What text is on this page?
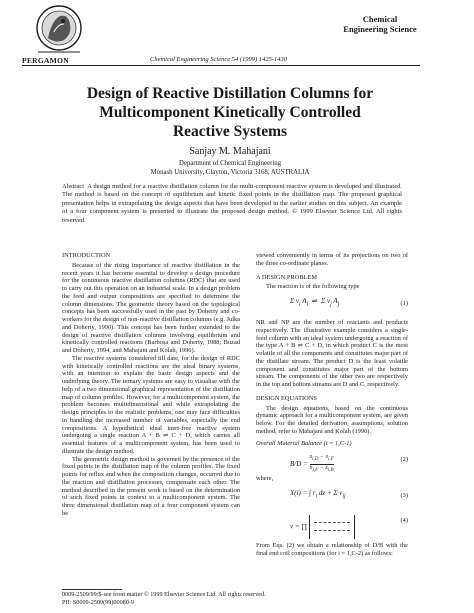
PERGAMON
Chemical
Engineering Science
Chemical Engineering Science 54 (1999) 1425-1430
Design of Reactive Distillation Columns for
Multicomponent Kinetically Controlled
Reactive Systems
Sanjay M. Mahajani
Department of Chemical Engineering
Monash University, Clayton, Victoria 3168, AUSTRALIA
Abstract A design method for a reactive distillation column for the multi-component reactive system is developed and illustrated. The method is based on the concept of equilibrium and kinetic fixed points in the distillation map. The proposed graphical presentation helps in extrapolating the design aspects that have been developed in the earlier studies on this subject. An example of a four component system is presented to illustrate the proposed design method. © 1999 Elsevier Science Ltd. All rights reserved.
INTRODUCTION

Because of the rising importance of reactive distillation in the recent years it has become essential to develop a design procedure for the continuous reactive distillation columns (RDC) that are used to carry out this operation on an industrial scale. In a design problem the feed and output compositions are specified to determine the column dimensions. The geometric theory based on the topological concepts has been successfully used in the past by Doherty and co-workers for the design of non-reactive distillation columns (e.g. Julka and Doherty, 1990). This concept has been further extended to the design of reactive distillation columns involving equilibrium and kinetically controlled reactions (Barbosa and Doherty, 1988; Buzad and Doherty, 1994, and Mahajani and Kolah, 1996).

The reactive systems considered till date, for the design of RDC with kinetically controlled reactions are the ideal binary systems, with an intention to explain the basic design aspects and the underlying theory. The ternary systems are easy to visualise with the help of a two dimensional graphical representation of the distillation map of column profiles. However, for a multicomponent system, the problem becomes multidimensional and while extrapolating the design principles to the realistic problems, one may face difficulties in handling the increased number of variables, especially the end compositions. A hypothetical ideal inert-free reactive system undergoing a single reaction A + B ⇌ C + D, which carries all essential features of a multicomponent system, has been used to illustrate the design method.

The geometric design method is governed by the presence of the fixed points in the distillation map of the column profiles. The fixed points for reflux and when the composition changes, occurred due to the reaction and distillation processes, compensate each other. The method described in the present work is based on the determination of such fixed points in context to a multicomponent system. The three dimensional distillation map of a four component system can be

viewed conveniently in terms of its projections on two of the three co-ordinate planes.

A DESIGN PROBLEM

The reaction is of the following type

Σ $\nu_i$ $A_i$  ⇌  Σ $\nu_j$ $A_j$	(1)

NR and NP are the number of reactants and products respectively. The illustrative example considers a single-feed column with an ideal system undergoing a reaction of the type A + B ⇌ C + D, in which product C is the most volatile of all the components and constitutes major part of the distillate stream. The product D is the least volatile component and constitutes major part of the bottom stream. The components of the other two are respectively in the top and bottom streams are D and C, respectively.

DESIGN EQUATIONS

The design equations, based on the continuous dynamic approach for a multicomponent system, are given below. For the detailed derivation, assumptions, solution method, refer to Mahajani and Kolah (1996).

Overall Material Balance (i = 1,C-1)
$B/D = \frac{x_{i,D} - x_{i,F}}{x_{i,F} - x_{i,B}}$	(2)

where,

X(i) = ∫ $r_i$ dz + Σ $v_{ij}$	(3)
ν = ∏
(4)

From Eqs. (2) we obtain a relationship of D/B with the final end coil compositions (for i = 1,C-2) as follows:

0009-2509/99/$-see front matter © 1999 Elsevier Science Ltd. All rights reserved.
PII: S0009-2509(99)00080-9
